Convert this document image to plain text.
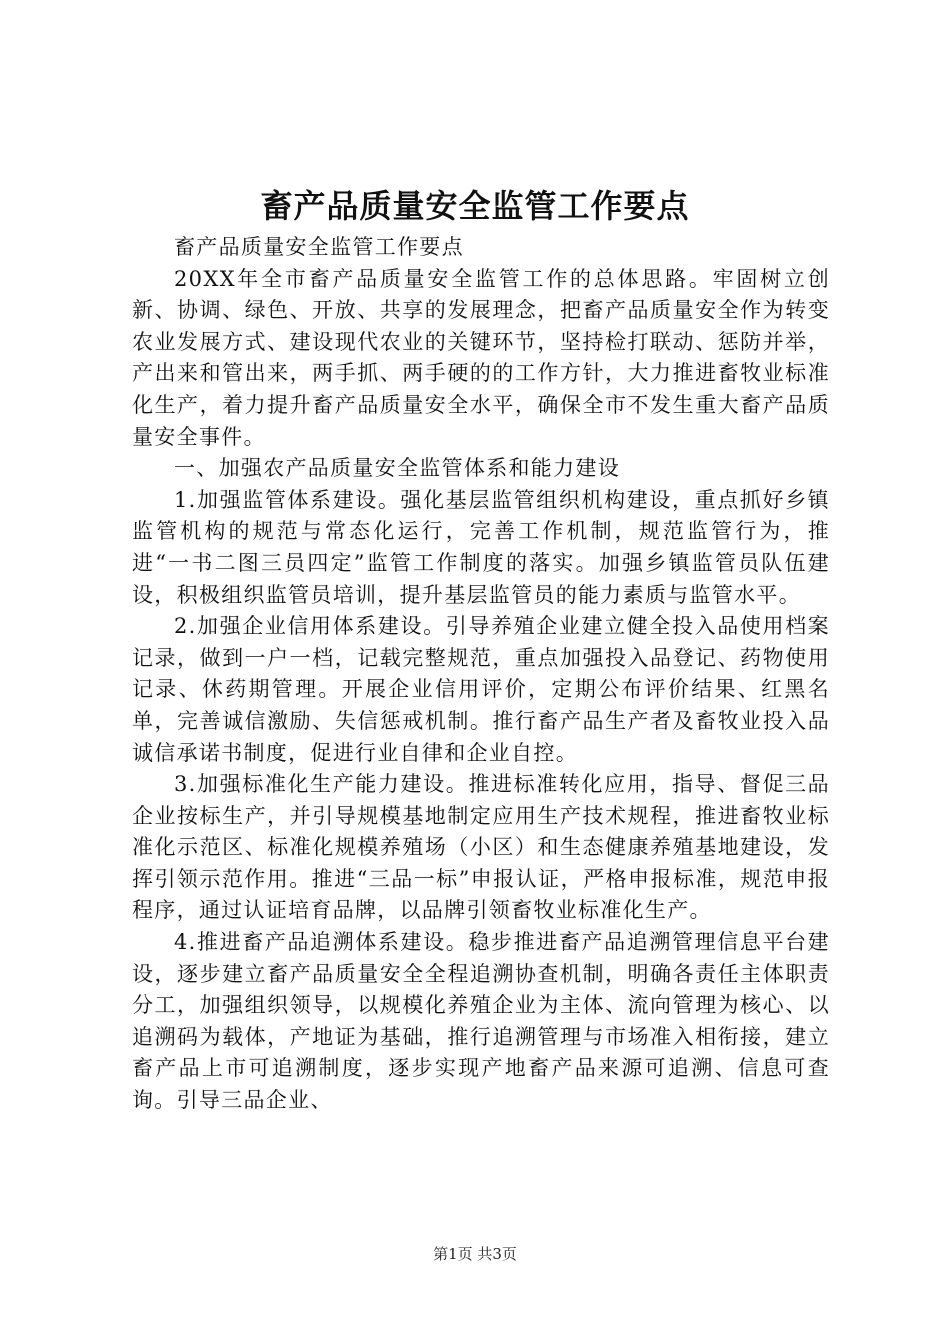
畜产品质量安全监管工作要点

畜产品质量安全监管工作要点

20XX年全市畜产品质量安全监管工作的总体思路。牢固树立创新、协调、绿色、开放、共享的发展理念，把畜产品质量安全作为转变农业发展方式、建设现代农业的关键环节，坚持检打联动、惩防并举，产出来和管出来，两手抓、两手硬的的工作方针，大力推进畜牧业标准化生产，着力提升畜产品质量安全水平，确保全市不发生重大畜产品质量安全事件。

一、加强农产品质量安全监管体系和能力建设

1.加强监管体系建设。强化基层监管组织机构建设，重点抓好乡镇监管机构的规范与常态化运行，完善工作机制，规范监管行为，推进“一书二图三员四定”监管工作制度的落实。加强乡镇监管员队伍建设，积极组织监管员培训，提升基层监管员的能力素质与监管水平。

2.加强企业信用体系建设。引导养殖企业建立健全投入品使用档案记录，做到一户一档，记载完整规范，重点加强投入品登记、药物使用记录、休药期管理。开展企业信用评价，定期公布评价结果、红黑名单，完善诚信激励、失信惩戒机制。推行畜产品生产者及畜牧业投入品诚信承诺书制度，促进行业自律和企业自控。

3.加强标准化生产能力建设。推进标准转化应用，指导、督促三品企业按标生产，并引导规模基地制定应用生产技术规程，推进畜牧业标准化示范区、标准化规模养殖场（小区）和生态健康养殖基地建设，发挥引领示范作用。推进“三品一标”申报认证，严格申报标准，规范申报程序，通过认证培育品牌，以品牌引领畜牧业标准化生产。

4.推进畜产品追溯体系建设。稳步推进畜产品追溯管理信息平台建设，逐步建立畜产品质量安全全程追溯协查机制，明确各责任主体职责分工，加强组织领导，以规模化养殖企业为主体、流向管理为核心、以追溯码为载体，产地证为基础，推行追溯管理与市场准入相衔接，建立畜产品上市可追溯制度，逐步实现产地畜产品来源可追溯、信息可查询。引导三品企业、

第1页 共3页
